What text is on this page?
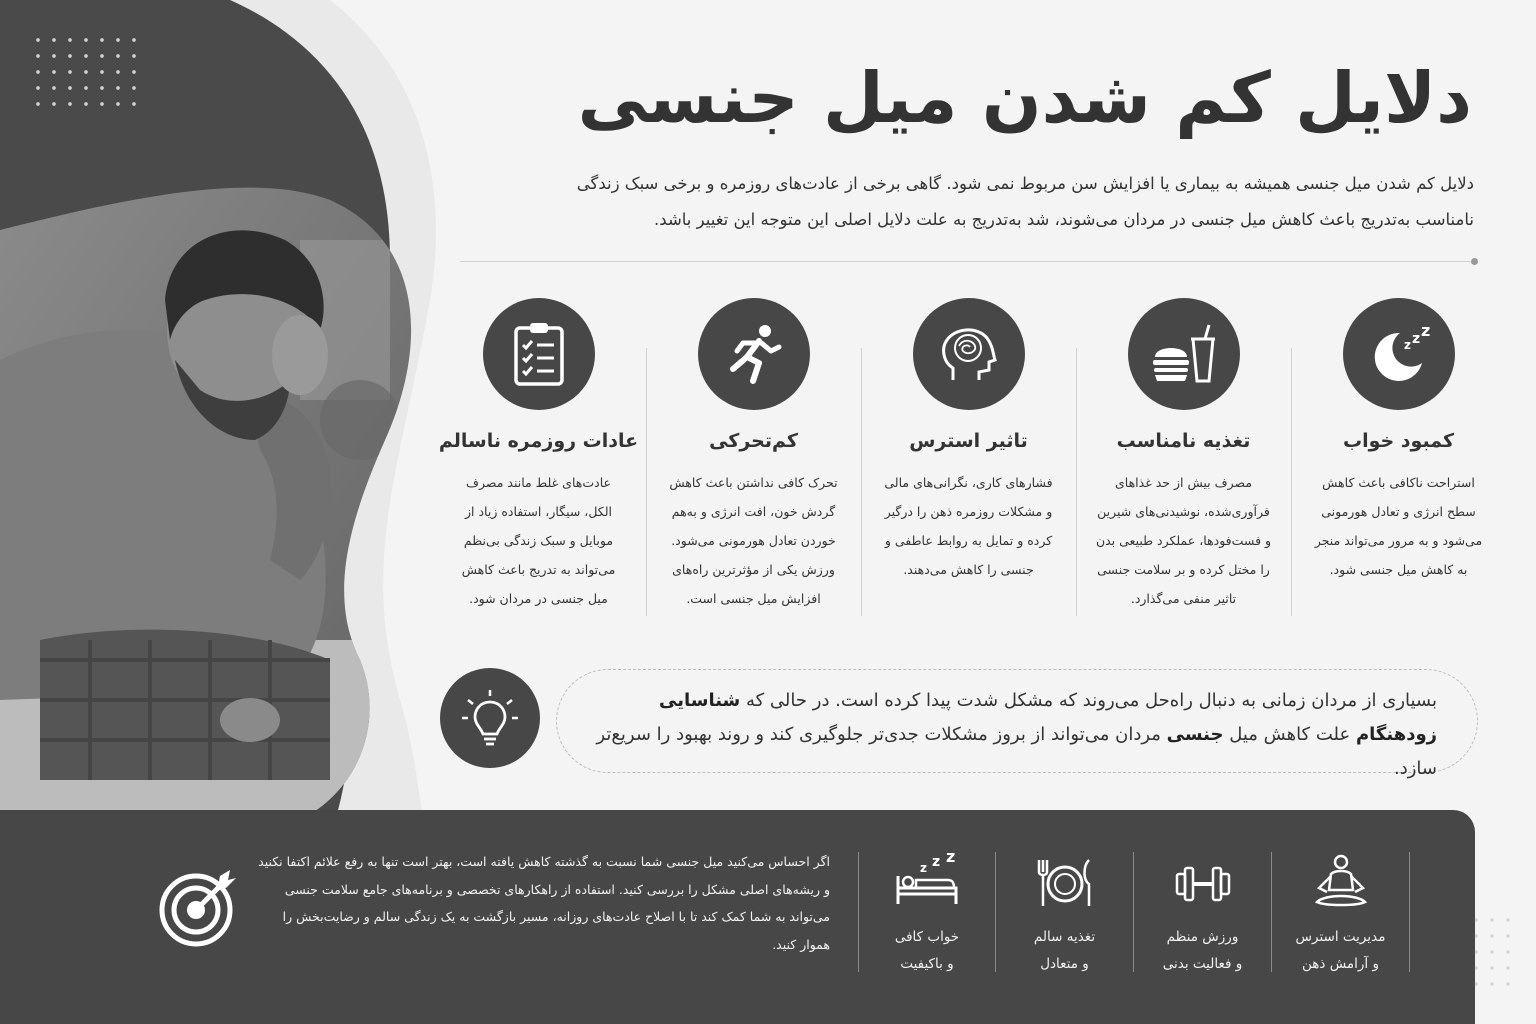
دلایل کم شدن میل جنسی

دلایل کم شدن میل جنسی همیشه به بیماری یا افزایش سن مربوط نمی شود. گاهی برخی از عادت‌های روزمره و برخی سبک زندگی نامناسب به‌تدریج باعث کاهش میل جنسی در مردان می‌شوند، شد به‌تدریج به علت دلایل اصلی این متوجه این تغییر باشد.

z z z
کمبود خواب
استراحت ناکافی باعث کاهش سطح انرژی و تعادل هورمونی می‌شود و به مرور می‌تواند منجر به کاهش میل جنسی شود.
تغذیه نامناسب
مصرف بیش از حد غذاهای فرآوری‌شده، نوشیدنی‌های شیرین و فست‌فودها، عملکرد طبیعی بدن را مختل کرده و بر سلامت جنسی تاثیر منفی می‌گذارد.
تاثیر استرس
فشارهای کاری، نگرانی‌های مالی و مشکلات روزمره ذهن را درگیر کرده و تمایل به روابط عاطفی و جنسی را کاهش می‌دهند.
کم‌تحرکی
تحرک کافی نداشتن باعث کاهش گردش خون، افت انرژی و به‌هم خوردن تعادل هورمونی می‌شود. ورزش یکی از مؤثرترین راه‌های افزایش میل جنسی است.
عادات روزمره ناسالم
عادت‌های غلط مانند مصرف الکل، سیگار، استفاده زیاد از موبایل و سبک زندگی بی‌نظم می‌تواند به تدریج باعث کاهش میل جنسی در مردان شود.
بسیاری از مردان زمانی به دنبال راه‌حل می‌روند که مشکل شدت پیدا کرده است. در حالی که شناسایی زودهنگام علت کاهش میل جنسی مردان می‌تواند از بروز مشکلات جدی‌تر جلوگیری کند و روند بهبود را سریع‌تر سازد.

اگر احساس می‌کنید میل جنسی شما نسبت به گذشته کاهش یافته است، بهتر است تنها به رفع علائم اکتفا نکنید و ریشه‌های اصلی مشکل را بررسی کنید. استفاده از راهکارهای تخصصی و برنامه‌های جامع سلامت جنسی می‌تواند به شما کمک کند تا با اصلاح عادت‌های روزانه، مسیر بازگشت به یک زندگی سالم و رضایت‌بخش را هموار کنید.	مدیریت استرس
و آرامش ذهن
ورزش منظم
و فعالیت بدنی
تغذیه سالم
و متعادل
z z z
خواب کافی
و باکیفیت
